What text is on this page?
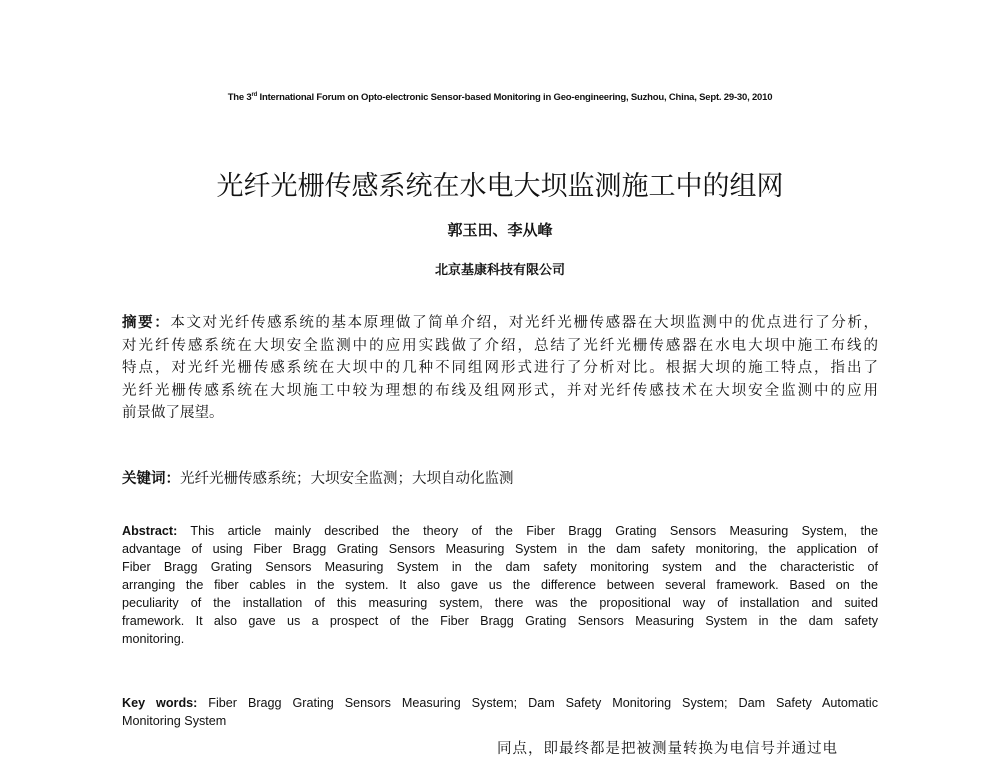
The 3rd International Forum on Opto-electronic Sensor-based Monitoring in Geo-engineering, Suzhou, China, Sept. 29-30, 2010
光纤光栅传感系统在水电大坝监测施工中的组网
郭玉田、李从峰
北京基康科技有限公司
摘要：本文对光纤传感系统的基本原理做了简单介绍，对光纤光栅传感器在大坝监测中的优点进行了分析，
对光纤传感系统在大坝安全监测中的应用实践做了介绍，总结了光纤光栅传感器在水电大坝中施工布线的
特点，对光纤光栅传感系统在大坝中的几种不同组网形式进行了分析对比。根据大坝的施工特点，指出了
光纤光栅传感系统在大坝施工中较为理想的布线及组网形式，并对光纤传感技术在大坝安全监测中的应用
前景做了展望。
关键词：光纤光栅传感系统；大坝安全监测；大坝自动化监测
Abstract: This article mainly described the theory of the Fiber Bragg Grating Sensors Measuring System, the
advantage of using Fiber Bragg Grating Sensors Measuring System in the dam safety monitoring, the application of
Fiber Bragg Grating Sensors Measuring System in the dam safety monitoring system and the characteristic of
arranging the fiber cables in the system. It also gave us the difference between several framework. Based on the
peculiarity of the installation of this measuring system, there was the propositional way of installation and suited
framework. It also gave us a prospect of the Fiber Bragg Grating Sensors Measuring System in the dam safety
monitoring.
Key words: Fiber Bragg Grating Sensors Measuring System; Dam Safety Monitoring System; Dam Safety Automatic
Monitoring System
同点，即最终都是把被测量转换为电信号并通过电
